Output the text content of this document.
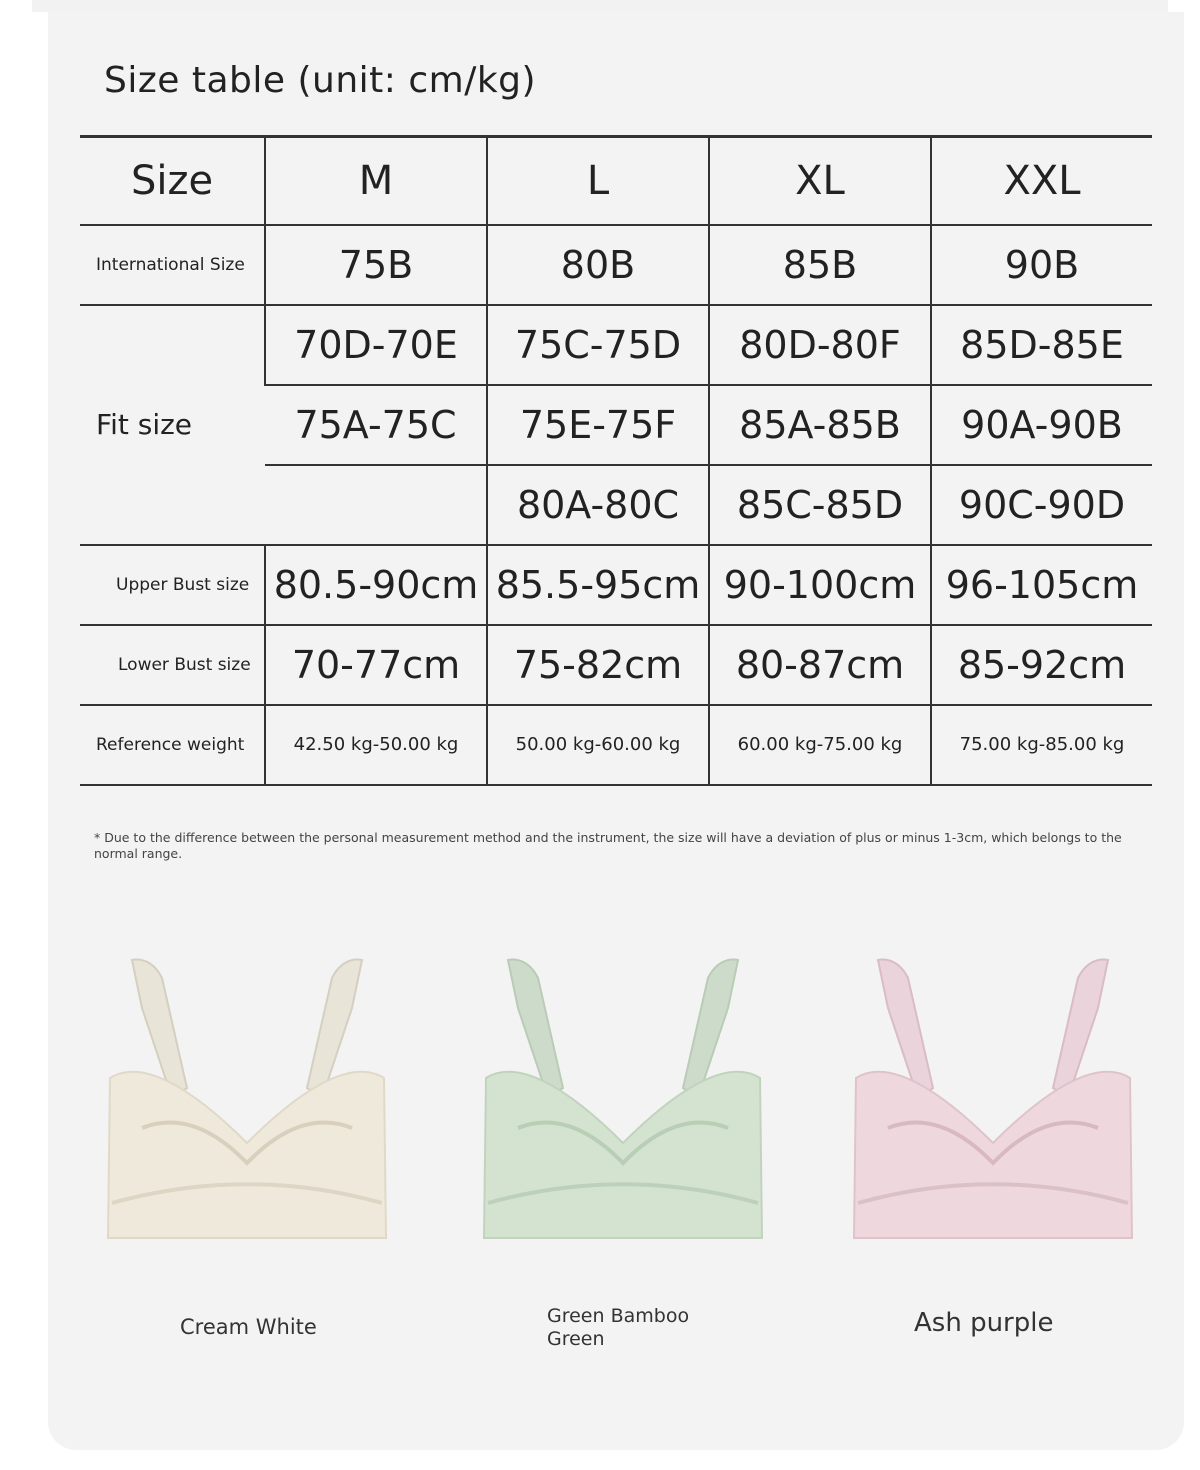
Size table (unit: cm/kg)
Size	M	L	XL	XXL
International Size	75B	80B	85B	90B
Fit size	70D-70E	75C-75D	80D-80F	85D-85E
	75A-75C	75E-75F	85A-85B	90A-90B
		80A-80C	85C-85D	90C-90D
Upper Bust size	80.5-90cm	85.5-95cm	90-100cm	96-105cm
Lower Bust size	70-77cm	75-82cm	80-87cm	85-92cm
Reference weight	42.50 kg-50.00 kg	50.00 kg-60.00 kg	60.00 kg-75.00 kg	75.00 kg-85.00 kg
* Due to the difference between the personal measurement method and the instrument, the size will have a deviation of plus or minus 1-3cm, which belongs to the normal range.
Cream White	Green Bamboo Green
Ash purple
